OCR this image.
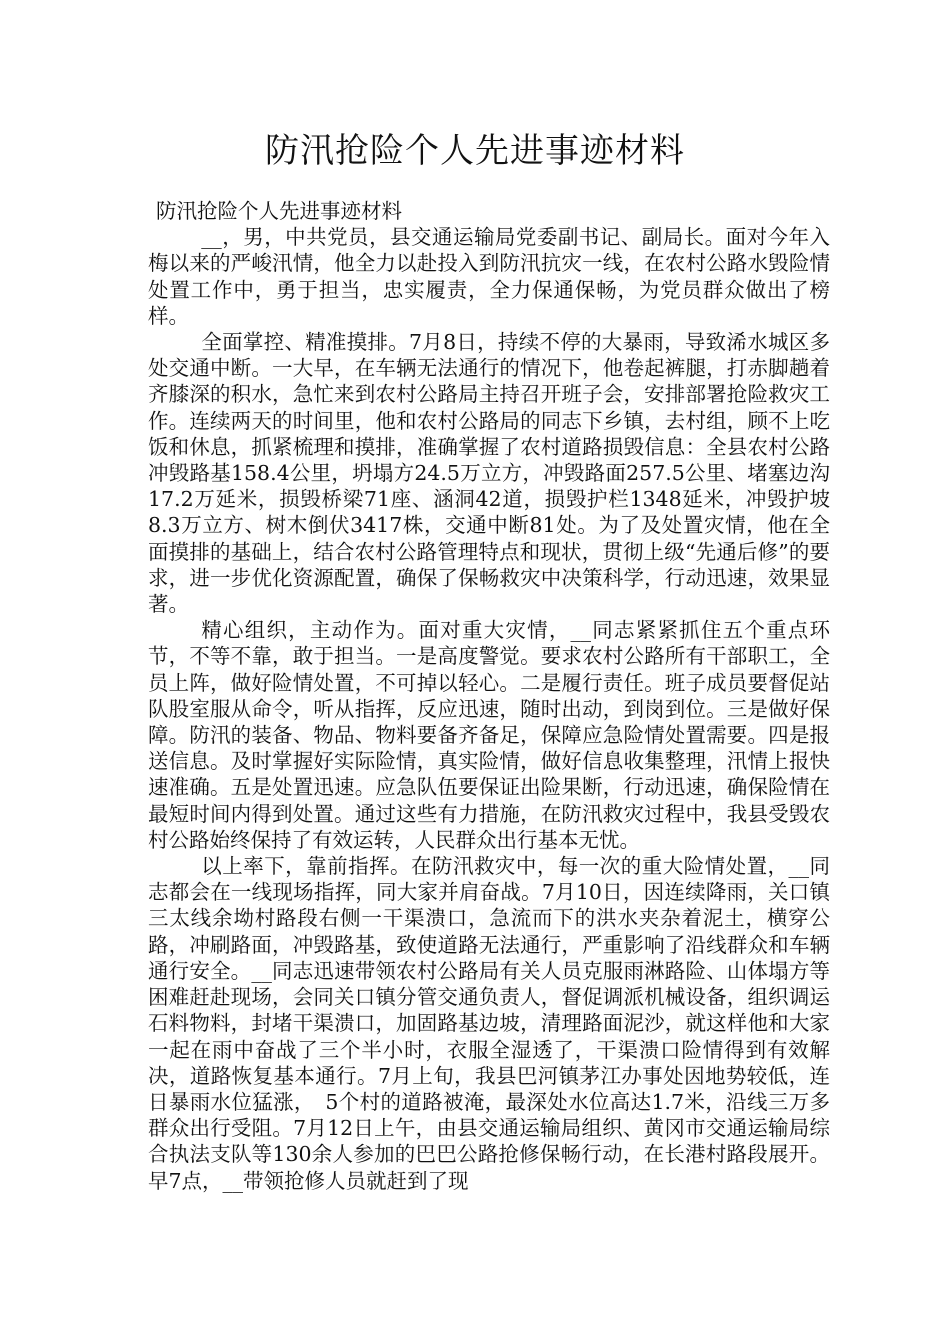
防汛抢险个人先进事迹材料

防汛抢险个人先进事迹材料

__，男，中共党员，县交通运输局党委副书记、副局长。面对今年入梅以来的严峻汛情，他全力以赴投入到防汛抗灾一线，在农村公路水毁险情处置工作中，勇于担当，忠实履责，全力保通保畅，为党员群众做出了榜样。

全面掌控、精准摸排。7月8日，持续不停的大暴雨，导致浠水城区多处交通中断。一大早，在车辆无法通行的情况下，他卷起裤腿，打赤脚趟着齐膝深的积水，急忙来到农村公路局主持召开班子会，安排部署抢险救灾工作。连续两天的时间里，他和农村公路局的同志下乡镇，去村组，顾不上吃饭和休息，抓紧梳理和摸排，准确掌握了农村道路损毁信息：全县农村公路冲毁路基158.4公里，坍塌方24.5万立方，冲毁路面257.5公里、堵塞边沟17.2万延米，损毁桥梁71座、涵洞42道，损毁护栏1348延米，冲毁护坡8.3万立方、树木倒伏3417株，交通中断81处。为了及处置灾情，他在全面摸排的基础上，结合农村公路管理特点和现状，贯彻上级“先通后修”的要求，进一步优化资源配置，确保了保畅救灾中决策科学，行动迅速，效果显著。

精心组织，主动作为。面对重大灾情，__同志紧紧抓住五个重点环节，不等不靠，敢于担当。一是高度警觉。要求农村公路所有干部职工，全员上阵，做好险情处置，不可掉以轻心。二是履行责任。班子成员要督促站队股室服从命令，听从指挥，反应迅速，随时出动，到岗到位。三是做好保障。防汛的装备、物品、物料要备齐备足，保障应急险情处置需要。四是报送信息。及时掌握好实际险情，真实险情，做好信息收集整理，汛情上报快速准确。五是处置迅速。应急队伍要保证出险果断，行动迅速，确保险情在最短时间内得到处置。通过这些有力措施，在防汛救灾过程中，我县受毁农村公路始终保持了有效运转，人民群众出行基本无忧。

以上率下，靠前指挥。在防汛救灾中，每一次的重大险情处置，__同志都会在一线现场指挥，同大家并肩奋战。7月10日，因连续降雨，关口镇三太线余坳村路段右侧一干渠溃口，急流而下的洪水夹杂着泥土，横穿公路，冲刷路面，冲毁路基，致使道路无法通行，严重影响了沿线群众和车辆通行安全。__同志迅速带领农村公路局有关人员克服雨淋路险、山体塌方等困难赶赴现场，会同关口镇分管交通负责人，督促调派机械设备，组织调运石料物料，封堵干渠溃口，加固路基边坡，清理路面泥沙，就这样他和大家一起在雨中奋战了三个半小时，衣服全湿透了，干渠溃口险情得到有效解决，道路恢复基本通行。7月上旬，我县巴河镇茅江办事处因地势较低，连日暴雨水位猛涨，　5个村的道路被淹，最深处水位高达1.7米，沿线三万多群众出行受阻。7月12日上午，由县交通运输局组织、黄冈市交通运输局综合执法支队等130余人参加的巴巴公路抢修保畅行动，在长港村路段展开。早7点，__带领抢修人员就赶到了现
